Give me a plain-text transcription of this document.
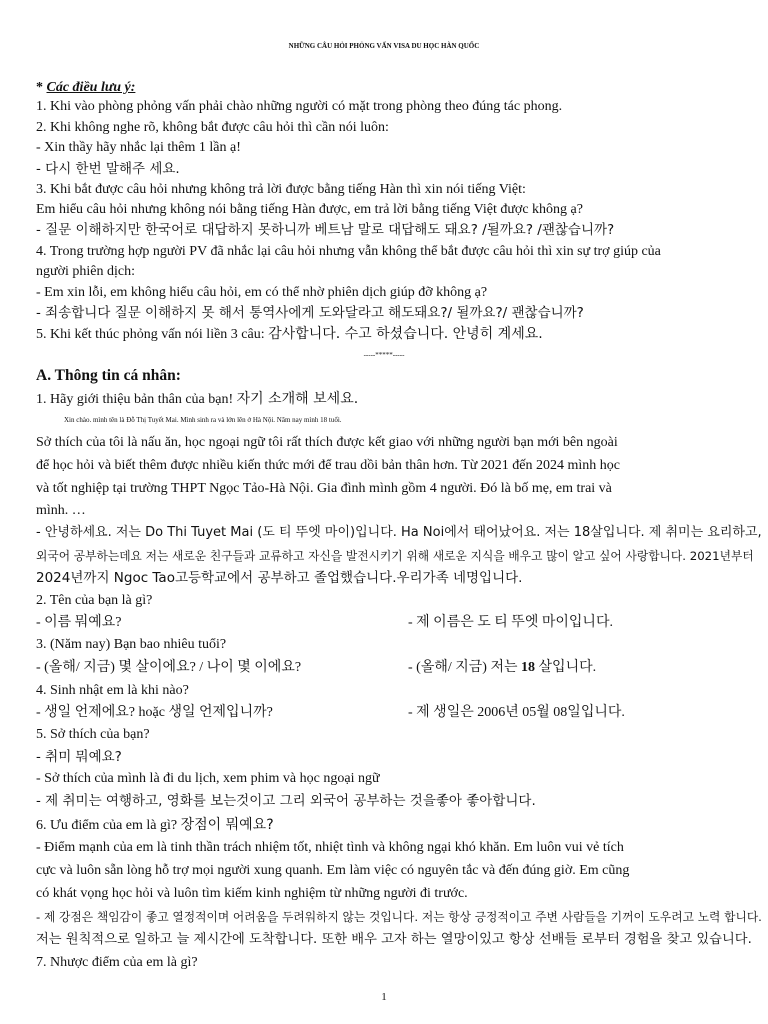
NHỮNG CÂU HỎI PHỎNG VẤN VISA DU HỌC HÀN QUỐC
* Các điều lưu ý:
1. Khi vào phòng phỏng vấn phải chào những người có mặt trong phòng theo đúng tác phong.
2. Khi không nghe rõ, không bắt được câu hỏi thì cần nói luôn:
- Xin thầy hãy nhắc lại thêm 1 lần ạ!
- 다시 한번 말해주 세요.
3. Khi bắt được câu hỏi nhưng không trả lời được bằng tiếng Hàn thì xin nói tiếng Việt:
Em hiểu câu hỏi nhưng không nói bằng tiếng Hàn được, em trả lời bằng tiếng Việt được không ạ?
- 질문 이해하지만 한국어로 대답하지 못하니까 베트남 말로 대답해도 돼요? /될까요? /괜찮습니까?
4. Trong trường hợp người PV đã nhắc lại câu hỏi nhưng vẫn không thể bắt được câu hỏi thì xin sự trợ giúp của
người phiên dịch:
- Em xin lỗi, em không hiểu câu hỏi, em có thể nhờ phiên dịch giúp đỡ không ạ?
- 죄송합니다 질문 이해하지 못 해서 통역사에게 도와달라고 해도돼요?/ 될까요?/ 괜찮습니까?
5. Khi kết thúc phỏng vấn nói liền 3 câu: 감사합니다. 수고 하셨습니다. 안녕히 계세요.
-----*****-----
A. Thông tin cá nhân:
1. Hãy giới thiệu bản thân của bạn! 자기 소개해 보세요.
Xin chào. mình tên là Đỗ Thị Tuyết Mai. Mình sinh ra và lớn lên ở Hà Nội. Năm nay mình 18 tuổi.
Sở thích của tôi là nấu ăn, học ngoại ngữ tôi rất thích được kết giao với những người bạn mới bên ngoài
để học hỏi và biết thêm được nhiều kiến thức mới để trau dồi bản thân hơn. Từ 2021 đến 2024 mình học
và tốt nghiệp tại trường THPT Ngọc Tảo-Hà Nội. Gia đình mình gồm 4 người. Đó là bố mẹ, em trai và
mình. …
- 안녕하세요. 저는 Do Thi Tuyet Mai (도 티 뚜엣 마이)입니다. Ha Noi에서 태어났어요. 저는 18살입니다. 제 취미는 요리하고,
외국어 공부하는데요 저는 새로운 친구들과 교류하고 자신을 발전시키기 위해 새로운 지식을 배우고 많이 알고 싶어 사랑합니다. 2021년부터
2024년까지 Ngoc Tao고등학교에서 공부하고 졸업했습니다.우리가족 네명입니다.
2. Tên của bạn là gì?
- 이름 뭐예요?	- 제 이름은 도 티 뚜엣 마이입니다.
3. (Năm nay) Bạn bao nhiêu tuổi?
- (올해/ 지금) 몇 살이에요? / 나이 몇 이에요?	- (올해/ 지금) 저는 18 살입니다.
4. Sinh nhật em là khi nào?
- 생일 언제에요? hoặc 생일 언제입니까?	- 제 생일은 2006년 05월 08일입니다.
5. Sở thích của bạn?
- 취미 뭐예요?
- Sở thích của mình là đi du lịch, xem phim và học ngoại ngữ
- 제 취미는 여행하고, 영화를 보는것이고 그리 외국어 공부하는 것을좋아 좋아합니다.
6. Ưu điểm của em là gì? 장점이 뭐예요?
- Điểm mạnh của em là tinh thần trách nhiệm tốt, nhiệt tình và không ngại khó khăn. Em luôn vui vẻ tích
cực và luôn sẵn lòng hỗ trợ mọi người xung quanh. Em làm việc có nguyên tắc và đến đúng giờ. Em cũng
có khát vọng học hỏi và luôn tìm kiếm kinh nghiệm từ những người đi trước.
- 제 강점은 책임감이 좋고 열정적이며 어려움을 두려워하지 않는 것입니다. 저는 항상 긍정적이고 주변 사람들을 기꺼이 도우려고 노력 합니다.
저는 원칙적으로 일하고 늘 제시간에 도착합니다. 또한 배우 고자 하는 열망이있고 항상 선배들 로부터 경험을 찾고 있습니다.
7. Nhược điểm của em là gì?
1
